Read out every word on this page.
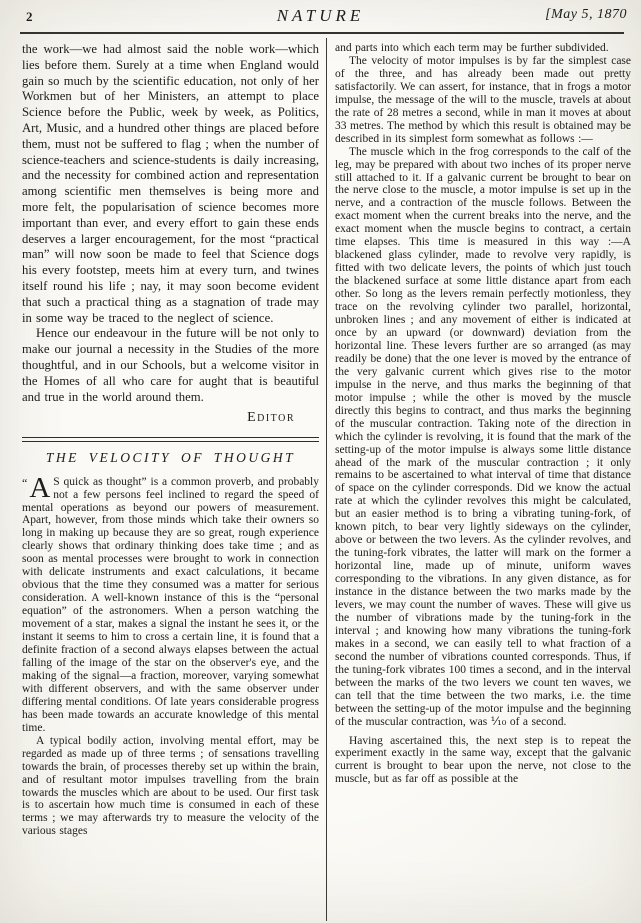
2	NATURE	[May 5, 1870

the work—we had almost said the noble work—which lies before them. Surely at a time when England would gain so much by the scientific education, not only of her Workmen but of her Ministers, an attempt to place Science before the Public, week by week, as Politics, Art, Music, and a hundred other things are placed before them, must not be suffered to flag ; when the number of science-teachers and science-students is daily increasing, and the necessity for combined action and representation among scientific men themselves is being more and more felt, the popularisation of science becomes more important than ever, and every effort to gain these ends deserves a larger encouragement, for the most “practical man” will now soon be made to feel that Science dogs his every footstep, meets him at every turn, and twines itself round his life ; nay, it may soon become evident that such a practical thing as a stagnation of trade may in some way be traced to the neglect of science.

Hence our endeavour in the future will be not only to make our journal a necessity in the Studies of the more thoughtful, and in our Schools, but a welcome visitor in the Homes of all who care for aught that is beautiful and true in the world around them.

Editor
THE VELOCITY OF THOUGHT

“ A S quick as thought” is a common proverb, and probably not a few persons feel inclined to regard the speed of mental operations as beyond our powers of measurement. Apart, however, from those minds which take their owners so long in making up because they are so great, rough experience clearly shows that ordinary thinking does take time ; and as soon as mental processes were brought to work in connection with delicate instruments and exact calculations, it became obvious that the time they consumed was a matter for serious consideration. A well-known instance of this is the “personal equation” of the astronomers. When a person watching the movement of a star, makes a signal the instant he sees it, or the instant it seems to him to cross a certain line, it is found that a definite fraction of a second always elapses between the actual falling of the image of the star on the observer's eye, and the making of the signal—a fraction, moreover, varying somewhat with different observers, and with the same observer under differing mental conditions. Of late years considerable progress has been made towards an accurate knowledge of this mental time.

A typical bodily action, involving mental effort, may be regarded as made up of three terms ; of sensations travelling towards the brain, of processes thereby set up within the brain, and of resultant motor impulses travelling from the brain towards the muscles which are about to be used. Our first task is to ascertain how much time is consumed in each of these terms ; we may afterwards try to measure the velocity of the various stages

and parts into which each term may be further subdivided.

The velocity of motor impulses is by far the simplest case of the three, and has already been made out pretty satisfactorily. We can assert, for instance, that in frogs a motor impulse, the message of the will to the muscle, travels at about the rate of 28 metres a second, while in man it moves at about 33 metres. The method by which this result is obtained may be described in its simplest form somewhat as follows :—

The muscle which in the frog corresponds to the calf of the leg, may be prepared with about two inches of its proper nerve still attached to it. If a galvanic current be brought to bear on the nerve close to the muscle, a motor impulse is set up in the nerve, and a contraction of the muscle follows. Between the exact moment when the current breaks into the nerve, and the exact moment when the muscle begins to contract, a certain time elapses. This time is measured in this way :—A blackened glass cylinder, made to revolve very rapidly, is fitted with two delicate levers, the points of which just touch the blackened surface at some little distance apart from each other. So long as the levers remain perfectly motionless, they trace on the revolving cylinder two parallel, horizontal, unbroken lines ; and any movement of either is indicated at once by an upward (or downward) deviation from the horizontal line. These levers further are so arranged (as may readily be done) that the one lever is moved by the entrance of the very galvanic current which gives rise to the motor impulse in the nerve, and thus marks the beginning of that motor impulse ; while the other is moved by the muscle directly this begins to contract, and thus marks the beginning of the muscular contraction. Taking note of the direction in which the cylinder is revolving, it is found that the mark of the setting-up of the motor impulse is always some little distance ahead of the mark of the muscular contraction ; it only remains to be ascertained to what interval of time that distance of space on the cylinder corresponds. Did we know the actual rate at which the cylinder revolves this might be calculated, but an easier method is to bring a vibrating tuning-fork, of known pitch, to bear very lightly sideways on the cylinder, above or between the two levers. As the cylinder revolves, and the tuning-fork vibrates, the latter will mark on the former a horizontal line, made up of minute, uniform waves corresponding to the vibrations. In any given distance, as for instance in the distance between the two marks made by the levers, we may count the number of waves. These will give us the number of vibrations made by the tuning-fork in the interval ; and knowing how many vibrations the tuning-fork makes in a second, we can easily tell to what fraction of a second the number of vibrations counted corresponds. Thus, if the tuning-fork vibrates 100 times a second, and in the interval between the marks of the two levers we count ten waves, we can tell that the time between the two marks, i.e. the time between the setting-up of the motor impulse and the beginning of the muscular contraction, was ⅒ of a second.

Having ascertained this, the next step is to repeat the experiment exactly in the same way, except that the galvanic current is brought to bear upon the nerve, not close to the muscle, but as far off as possible at the
